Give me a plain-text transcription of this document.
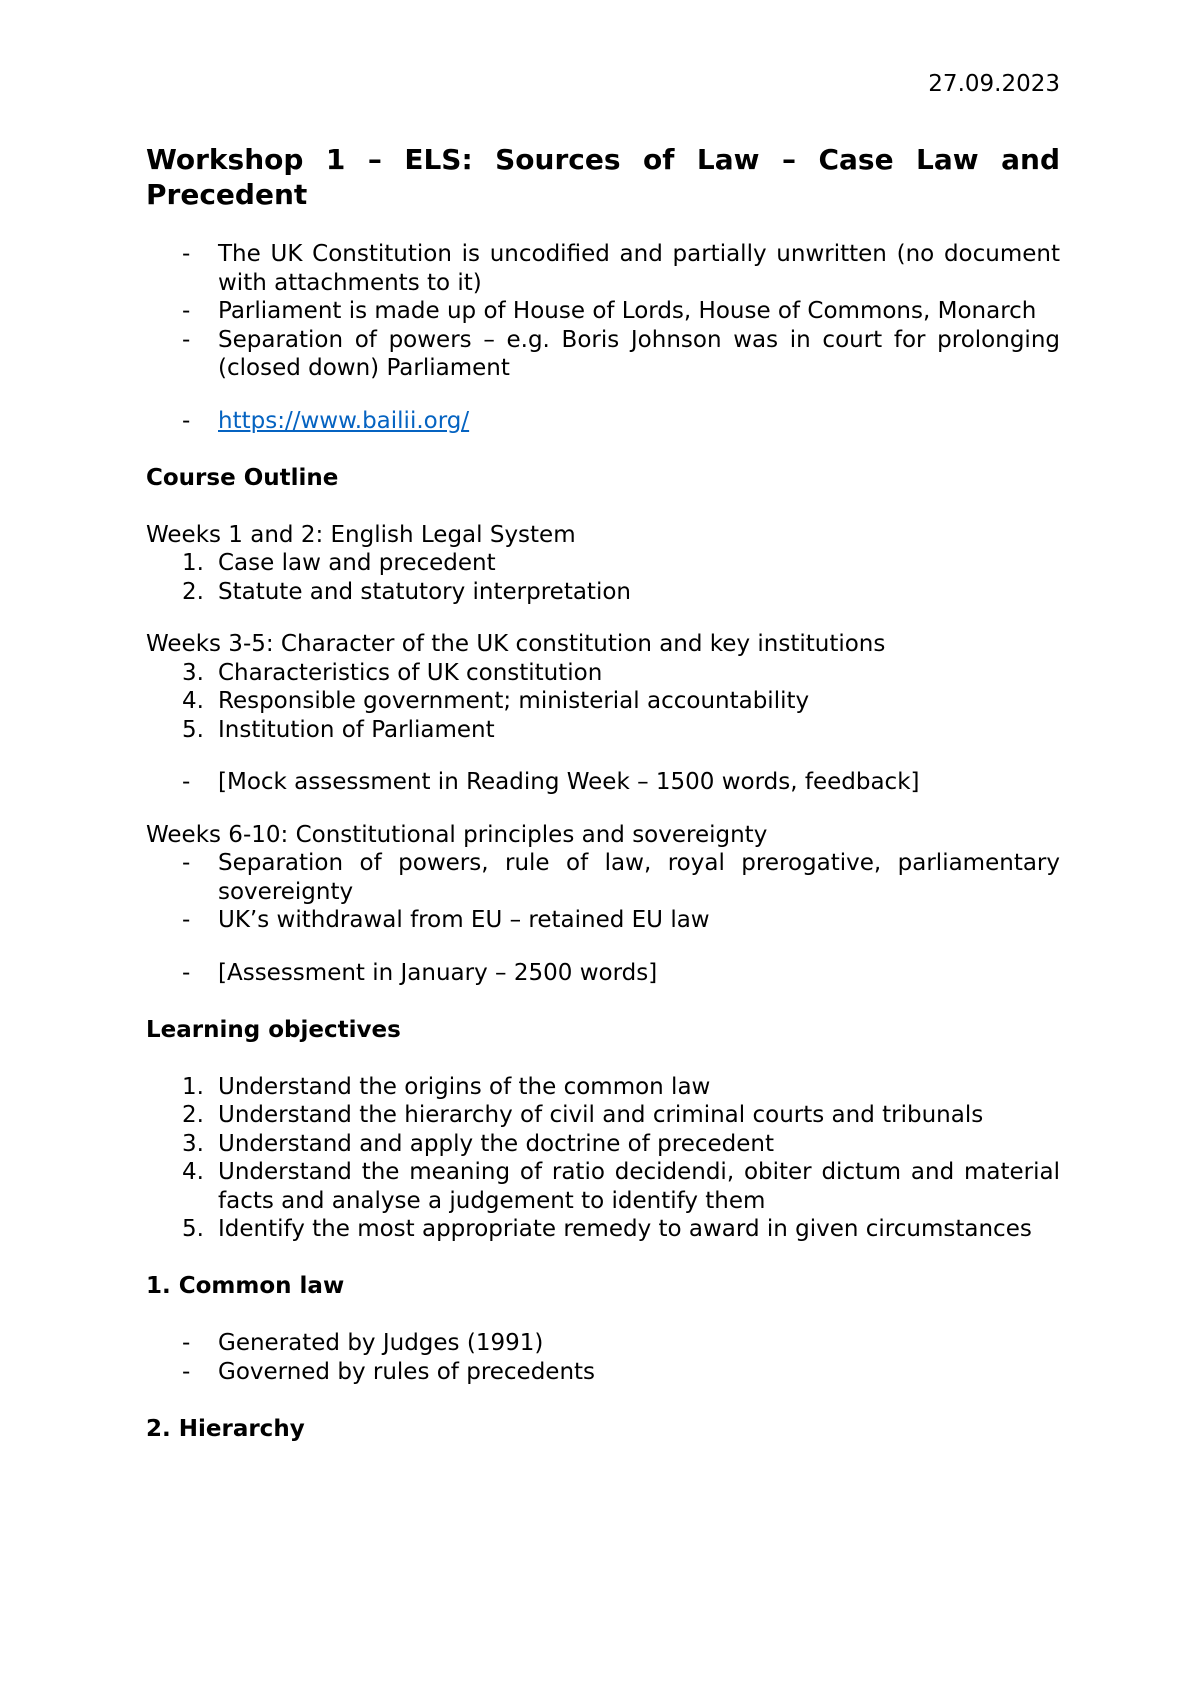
27.09.2023
Workshop 1 – ELS: Sources of Law – Case Law and Precedent
- The UK Constitution is uncodified and partially unwritten (no document with attachments to it)
- Parliament is made up of House of Lords, House of Commons, Monarch
- Separation of powers – e.g. Boris Johnson was in court for prolonging (closed down) Parliament
- https://www.bailii.org/
Course Outline

Weeks 1 and 2: English Legal System

1. Case law and precedent
2. Statute and statutory interpretation

Weeks 3-5: Character of the UK constitution and key institutions

3. Characteristics of UK constitution
4. Responsible government; ministerial accountability
5. Institution of Parliament
- [Mock assessment in Reading Week – 1500 words, feedback]

Weeks 6-10: Constitutional principles and sovereignty

- Separation of powers, rule of law, royal prerogative, parliamentary sovereignty
- UK’s withdrawal from EU – retained EU law
- [Assessment in January – 2500 words]
Learning objectives
1. Understand the origins of the common law
2. Understand the hierarchy of civil and criminal courts and tribunals
3. Understand and apply the doctrine of precedent
4. Understand the meaning of ratio decidendi, obiter dictum and material facts and analyse a judgement to identify them
5. Identify the most appropriate remedy to award in given circumstances
1. Common law
- Generated by Judges (1991)
- Governed by rules of precedents
2. Hierarchy
